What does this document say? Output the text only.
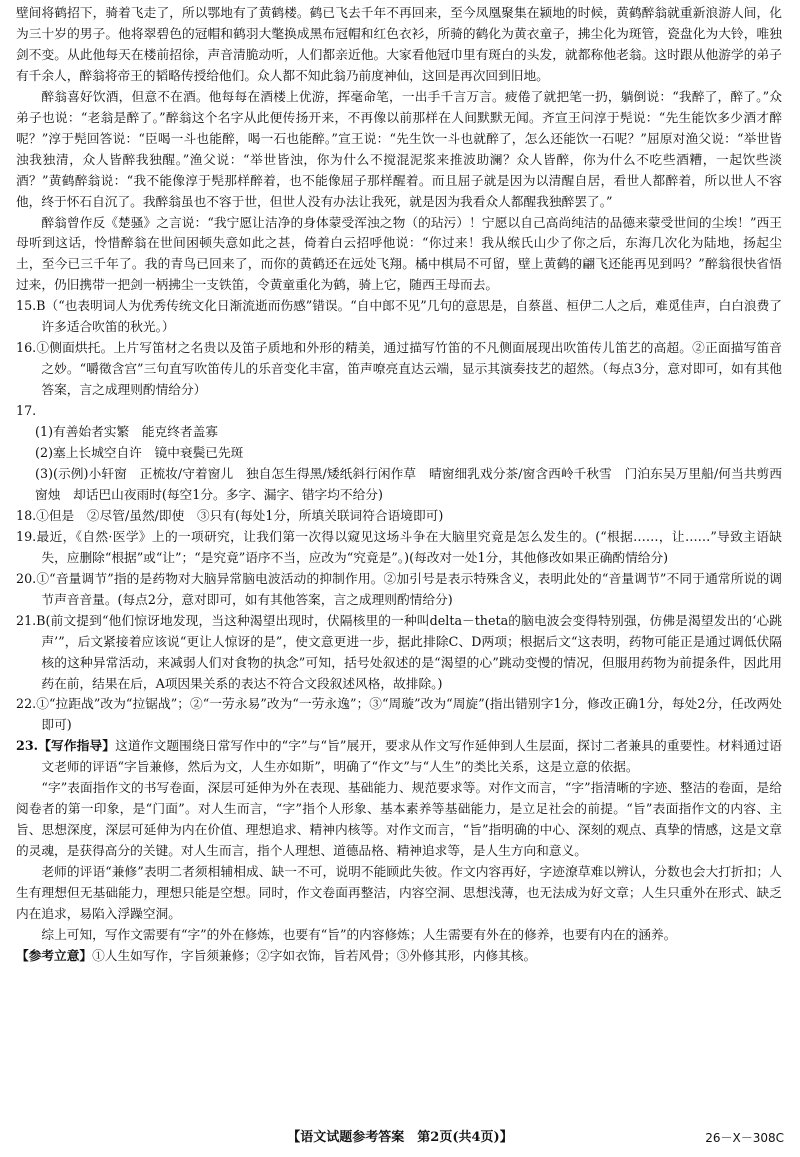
壁间将鹤招下，骑着飞走了，所以鄂地有了黄鹤楼。鹤已飞去千年不再回来，至今凤凰聚集在颍地的时候，黄鹤醉翁就重新浪游人间，化为三十岁的男子。他将翠碧色的冠帽和鹤羽大氅换成黑布冠帽和红色衣衫，所骑的鹤化为黄衣童子，拂尘化为斑管，瓷盘化为大铃，唯独剑不变。从此他每天在楼前招徐，声音清脆动听，人们都亲近他。大家看他冠巾里有斑白的头发，就都称他老翁。这时跟从他游学的弟子有千余人，醉翁将帝王的韬略传授给他们。众人都不知此翁乃前度神仙，这回是再次回到旧地。

醉翁喜好饮酒，但意不在酒。他每每在酒楼上优游，挥毫命笔，一出手千言万言。疲倦了就把笔一扔，躺倒说：“我醉了，醉了。”众弟子也说：“老翁是醉了。”醉翁这个名字从此便传扬开来，不再像以前那样在人间默默无闻。齐宣王问淳于髡说：“先生能饮多少酒才醉呢？”淳于髡回答说：“臣喝一斗也能醉，喝一石也能醉。”宣王说：“先生饮一斗也就醉了，怎么还能饮一石呢？”屈原对渔父说：“举世皆浊我独清，众人皆醉我独醒。”渔父说：“举世皆浊，你为什么不搅混泥浆来推波助澜？众人皆醉，你为什么不吃些酒糟，一起饮些淡酒？”黄鹤醉翁说：“我不能像淳于髡那样醉着，也不能像屈子那样醒着。而且屈子就是因为以清醒自居，看世人都醉着，所以世人不容他，终于怀石自沉了。我醉翁虽也不容于世，但世人没有办法让我死，就是因为我看众人都醒我独醉罢了。”

醉翁曾作反《楚骚》之言说：“我宁愿让洁净的身体蒙受浑浊之物（的玷污）！宁愿以自己高尚纯洁的品德来蒙受世间的尘埃！”西王母听到这话，怜惜醉翁在世间困顿失意如此之甚，倚着白云招呼他说：“你过来！我从缑氏山少了你之后，东海几次化为陆地，扬起尘土，至今已三千年了。我的青鸟已回来了，而你的黄鹤还在远处飞翔。橘中棋局不可留，壁上黄鹤的翩飞还能再见到吗？”醉翁很快省悟过来，仍旧携带一把剑一柄拂尘一支铁笛，令黄童重化为鹤，骑上它，随西王母而去。

15.B（“也表明词人为优秀传统文化日渐流逝而伤感”错误。“自中郎不见”几句的意思是，自蔡邕、桓伊二人之后，难觅佳声，白白浪费了许多适合吹笛的秋光。）

16.①侧面烘托。上片写笛材之名贵以及笛子质地和外形的精美，通过描写竹笛的不凡侧面展现出吹笛传儿笛艺的高超。②正面描写笛音之妙。“嚼徵含宫”三句直写吹笛传儿的乐音变化丰富，笛声嘹亮直达云端，显示其演奏技艺的超然。（每点3分，意对即可，如有其他答案，言之成理则酌情给分）

17.

(1)有善始者实繁　能克终者盖寡

(2)塞上长城空自许　镜中衰鬓已先斑

(3)(示例)小轩窗　正梳妆/守着窗儿　独自怎生得黑/矮纸斜行闲作草　晴窗细乳戏分茶/窗含西岭千秋雪　门泊东吴万里船/何当共剪西窗烛　却话巴山夜雨时(每空1分。多字、漏字、错字均不给分)

18.①但是　②尽管/虽然/即使　③只有(每处1分，所填关联词符合语境即可)

19.最近，《自然·医学》上的一项研究，让我们第一次得以窥见这场斗争在大脑里究竟是怎么发生的。(“根据……，让……”导致主语缺失，应删除“根据”或“让”；“是究竟”语序不当，应改为“究竟是”。)(每改对一处1分，其他修改如果正确酌情给分)

20.①“音量调节”指的是药物对大脑异常脑电波活动的抑制作用。②加引号是表示特殊含义，表明此处的“音量调节”不同于通常所说的调节声音音量。(每点2分，意对即可，如有其他答案，言之成理则酌情给分)

21.B(前文提到“他们惊讶地发现，当这种渴望出现时，伏隔核里的一种叫delta－theta的脑电波会变得特别强，仿佛是渴望发出的‘心跳声’”，后文紧接着应该说“更让人惊讶的是”，使文意更进一步，据此排除C、D两项；根据后文“这表明，药物可能正是通过调低伏隔核的这种异常活动，来减弱人们对食物的执念”可知，括号处叙述的是“渴望的心”跳动变慢的情况，但服用药物为前提条件，因此用药在前，结果在后，A项因果关系的表达不符合文段叙述风格，故排除。)

22.①“拉距战”改为“拉锯战”；②“一劳永易”改为“一劳永逸”；③“周璇”改为“周旋”(指出错别字1分，修改正确1分，每处2分，任改两处即可)

23.【写作指导】这道作文题围绕日常写作中的“字”与“旨”展开，要求从作文写作延伸到人生层面，探讨二者兼具的重要性。材料通过语文老师的评语“字旨兼修，然后为文，人生亦如斯”，明确了“作文”与“人生”的类比关系，这是立意的依据。

“字”表面指作文的书写卷面，深层可延伸为外在表现、基础能力、规范要求等。对作文而言，“字”指清晰的字迹、整洁的卷面，是给阅卷者的第一印象，是“门面”。对人生而言，“字”指个人形象、基本素养等基础能力，是立足社会的前提。“旨”表面指作文的内容、主旨、思想深度，深层可延伸为内在价值、理想追求、精神内核等。对作文而言，“旨”指明确的中心、深刻的观点、真挚的情感，这是文章的灵魂，是获得高分的关键。对人生而言，指个人理想、道德品格、精神追求等，是人生方向和意义。

老师的评语“兼修”表明二者须相辅相成、缺一不可，说明不能顾此失彼。作文内容再好，字迹潦草难以辨认，分数也会大打折扣；人生有理想但无基础能力，理想只能是空想。同时，作文卷面再整洁，内容空洞、思想浅薄，也无法成为好文章；人生只重外在形式、缺乏内在追求，易陷入浮躁空洞。

综上可知，写作文需要有“字”的外在修炼，也要有“旨”的内容修炼；人生需要有外在的修养，也要有内在的涵养。

【参考立意】①人生如写作，字旨须兼修；②字如衣饰，旨若风骨；③外修其形，内修其核。

【语文试题参考答案　第2页(共4页)】	26－X－308C
